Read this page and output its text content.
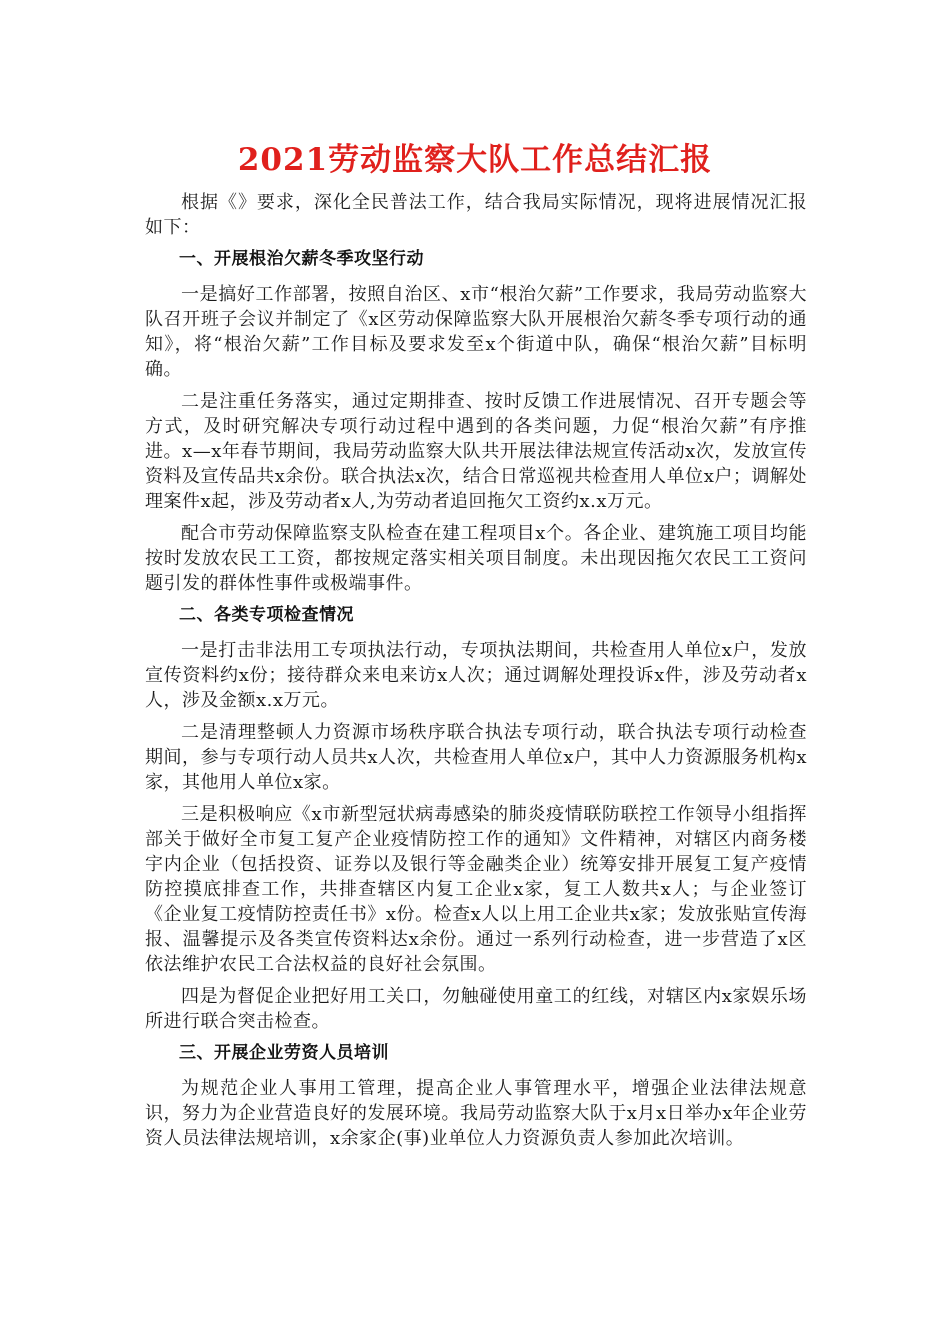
2021劳动监察大队工作总结汇报

根据《》要求，深化全民普法工作，结合我局实际情况，现将进展情况汇报如下：

一、开展根治欠薪冬季攻坚行动

一是搞好工作部署，按照自治区、x市“根治欠薪”工作要求，我局劳动监察大队召开班子会议并制定了《x区劳动保障监察大队开展根治欠薪冬季专项行动的通知》，将“根治欠薪”工作目标及要求发至x个街道中队，确保“根治欠薪”目标明确。

二是注重任务落实，通过定期排查、按时反馈工作进展情况、召开专题会等方式，及时研究解决专项行动过程中遇到的各类问题，力促“根治欠薪”有序推进。x—x年春节期间，我局劳动监察大队共开展法律法规宣传活动x次，发放宣传资料及宣传品共x余份。联合执法x次，结合日常巡视共检查用人单位x户；调解处理案件x起，涉及劳动者x人,为劳动者追回拖欠工资约x.x万元。

配合市劳动保障监察支队检查在建工程项目x个。各企业、建筑施工项目均能按时发放农民工工资，都按规定落实相关项目制度。未出现因拖欠农民工工资问题引发的群体性事件或极端事件。

二、各类专项检查情况

一是打击非法用工专项执法行动，专项执法期间，共检查用人单位x户，发放宣传资料约x份；接待群众来电来访x人次；通过调解处理投诉x件，涉及劳动者x人，涉及金额x.x万元。

二是清理整顿人力资源市场秩序联合执法专项行动，联合执法专项行动检查期间，参与专项行动人员共x人次，共检查用人单位x户，其中人力资源服务机构x家，其他用人单位x家。

三是积极响应《x市新型冠状病毒感染的肺炎疫情联防联控工作领导小组指挥部关于做好全市复工复产企业疫情防控工作的通知》文件精神，对辖区内商务楼宇内企业（包括投资、证券以及银行等金融类企业）统筹安排开展复工复产疫情防控摸底排查工作，共排查辖区内复工企业x家，复工人数共x人；与企业签订《企业复工疫情防控责任书》x份。检查x人以上用工企业共x家；发放张贴宣传海报、温馨提示及各类宣传资料达x余份。通过一系列行动检查，进一步营造了x区依法维护农民工合法权益的良好社会氛围。

四是为督促企业把好用工关口，勿触碰使用童工的红线，对辖区内x家娱乐场所进行联合突击检查。

三、开展企业劳资人员培训

为规范企业人事用工管理，提高企业人事管理水平，增强企业法律法规意识，努力为企业营造良好的发展环境。我局劳动监察大队于x月x日举办x年企业劳资人员法律法规培训，x余家企(事)业单位人力资源负责人参加此次培训。
